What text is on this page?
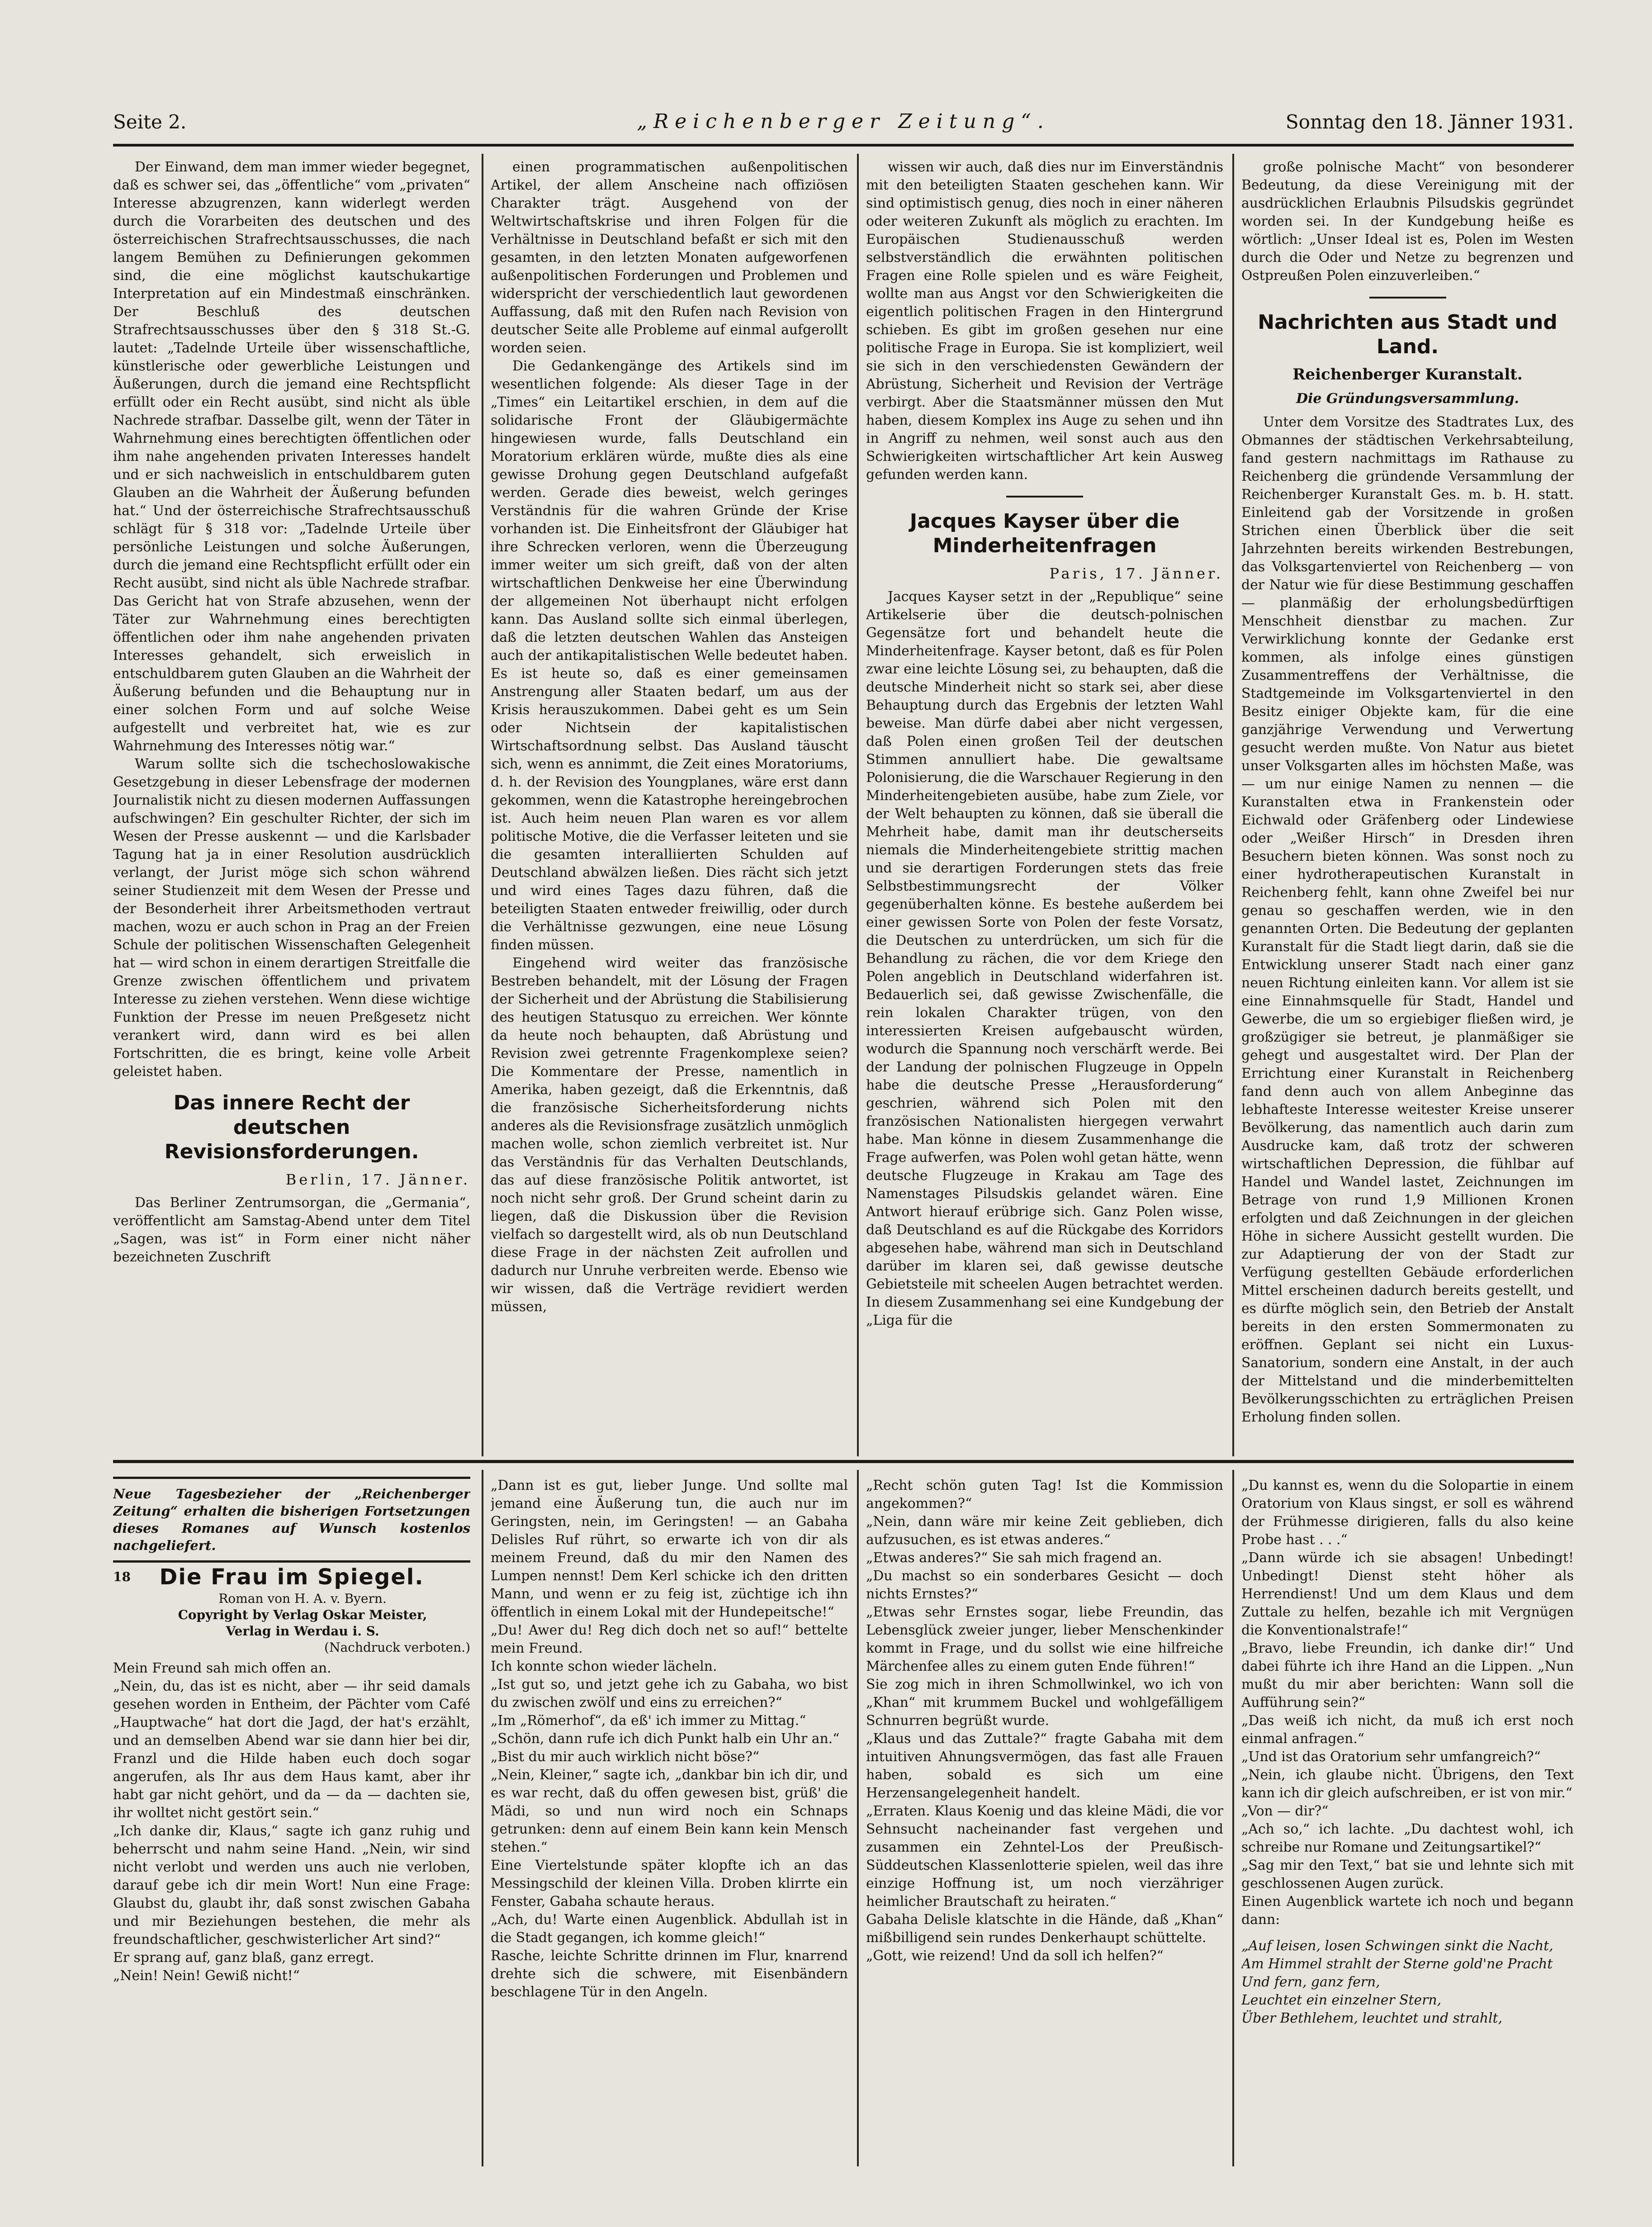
Seite 2.	„Reichenberger Zeitung“.	Sonntag den 18. Jänner 1931.

Der Einwand, dem man immer wieder begegnet, daß es schwer sei, das „öffentliche“ vom „privaten“ Interesse abzugrenzen, kann widerlegt werden durch die Vorarbeiten des deutschen und des österreichischen Strafrechtsausschusses, die nach langem Bemühen zu Definierungen gekommen sind, die eine möglichst kautschukartige Interpretation auf ein Mindestmaß einschränken. Der Beschluß des deutschen Strafrechtsausschusses über den § 318 St.-G. lautet: „Tadelnde Urteile über wissenschaftliche, künstlerische oder gewerbliche Leistungen und Äußerungen, durch die jemand eine Rechtspflicht erfüllt oder ein Recht ausübt, sind nicht als üble Nachrede strafbar. Dasselbe gilt, wenn der Täter in Wahrnehmung eines berechtigten öffentlichen oder ihm nahe angehenden privaten Interesses handelt und er sich nachweislich in entschuldbarem guten Glauben an die Wahrheit der Äußerung befunden hat.“ Und der österreichische Strafrechtsausschuß schlägt für § 318 vor: „Tadelnde Urteile über persönliche Leistungen und solche Äußerungen, durch die jemand eine Rechtspflicht erfüllt oder ein Recht ausübt, sind nicht als üble Nachrede strafbar. Das Gericht hat von Strafe abzusehen, wenn der Täter zur Wahrnehmung eines berechtigten öffentlichen oder ihm nahe angehenden privaten Interesses gehandelt, sich erweislich in entschuldbarem guten Glauben an die Wahrheit der Äußerung befunden und die Behauptung nur in einer solchen Form und auf solche Weise aufgestellt und verbreitet hat, wie es zur Wahrnehmung des Interesses nötig war.“

Warum sollte sich die tschechoslowakische Gesetzgebung in dieser Lebensfrage der modernen Journalistik nicht zu diesen modernen Auffassungen aufschwingen? Ein geschulter Richter, der sich im Wesen der Presse auskennt — und die Karlsbader Tagung hat ja in einer Resolution ausdrücklich verlangt, der Jurist möge sich schon während seiner Studienzeit mit dem Wesen der Presse und der Besonderheit ihrer Arbeitsmethoden vertraut machen, wozu er auch schon in Prag an der Freien Schule der politischen Wissenschaften Gelegenheit hat — wird schon in einem derartigen Streitfalle die Grenze zwischen öffentlichem und privatem Interesse zu ziehen verstehen. Wenn diese wichtige Funktion der Presse im neuen Preßgesetz nicht verankert wird, dann wird es bei allen Fortschritten, die es bringt, keine volle Arbeit geleistet haben.

Das innere Recht der deutschen Revisionsforderungen.
Berlin, 17. Jänner.

Das Berliner Zentrumsorgan, die „Germania“, veröffentlicht am Samstag-Abend unter dem Titel „Sagen, was ist“ in Form einer nicht näher bezeichneten Zuschrift

einen programmatischen außenpolitischen Artikel, der allem Anscheine nach offiziösen Charakter trägt. Ausgehend von der Weltwirtschaftskrise und ihren Folgen für die Verhältnisse in Deutschland befaßt er sich mit den gesamten, in den letzten Monaten aufgeworfenen außenpolitischen Forderungen und Problemen und widerspricht der verschiedentlich laut gewordenen Auffassung, daß mit den Rufen nach Revision von deutscher Seite alle Probleme auf einmal aufgerollt worden seien.

Die Gedankengänge des Artikels sind im wesentlichen folgende: Als dieser Tage in der „Times“ ein Leitartikel erschien, in dem auf die solidarische Front der Gläubigermächte hingewiesen wurde, falls Deutschland ein Moratorium erklären würde, mußte dies als eine gewisse Drohung gegen Deutschland aufgefaßt werden. Gerade dies beweist, welch geringes Verständnis für die wahren Gründe der Krise vorhanden ist. Die Einheitsfront der Gläubiger hat ihre Schrecken verloren, wenn die Überzeugung immer weiter um sich greift, daß von der alten wirtschaftlichen Denkweise her eine Überwindung der allgemeinen Not überhaupt nicht erfolgen kann. Das Ausland sollte sich einmal überlegen, daß die letzten deutschen Wahlen das Ansteigen auch der antikapitalistischen Welle bedeutet haben. Es ist heute so, daß es einer gemeinsamen Anstrengung aller Staaten bedarf, um aus der Krisis herauszukommen. Dabei geht es um Sein oder Nichtsein der kapitalistischen Wirtschaftsordnung selbst. Das Ausland täuscht sich, wenn es annimmt, die Zeit eines Moratoriums, d. h. der Revision des Youngplanes, wäre erst dann gekommen, wenn die Katastrophe hereingebrochen ist. Auch heim neuen Plan waren es vor allem politische Motive, die die Verfasser leiteten und sie die gesamten interalliierten Schulden auf Deutschland abwälzen ließen. Dies rächt sich jetzt und wird eines Tages dazu führen, daß die beteiligten Staaten entweder freiwillig, oder durch die Verhältnisse gezwungen, eine neue Lösung finden müssen.

Eingehend wird weiter das französische Bestreben behandelt, mit der Lösung der Fragen der Sicherheit und der Abrüstung die Stabilisierung des heutigen Statusquo zu erreichen. Wer könnte da heute noch behaupten, daß Abrüstung und Revision zwei getrennte Fragenkomplexe seien? Die Kommentare der Presse, namentlich in Amerika, haben gezeigt, daß die Erkenntnis, daß die französische Sicherheitsforderung nichts anderes als die Revisionsfrage zusätzlich unmöglich machen wolle, schon ziemlich verbreitet ist. Nur das Verständnis für das Verhalten Deutschlands, das auf diese französische Politik antwortet, ist noch nicht sehr groß. Der Grund scheint darin zu liegen, daß die Diskussion über die Revision vielfach so dargestellt wird, als ob nun Deutschland diese Frage in der nächsten Zeit aufrollen und dadurch nur Unruhe verbreiten werde. Ebenso wie wir wissen, daß die Verträge revidiert werden müssen,

wissen wir auch, daß dies nur im Einverständnis mit den beteiligten Staaten geschehen kann. Wir sind optimistisch genug, dies noch in einer näheren oder weiteren Zukunft als möglich zu erachten. Im Europäischen Studienausschuß werden selbstverständlich die erwähnten politischen Fragen eine Rolle spielen und es wäre Feigheit, wollte man aus Angst vor den Schwierigkeiten die eigentlich politischen Fragen in den Hintergrund schieben. Es gibt im großen gesehen nur eine politische Frage in Europa. Sie ist kompliziert, weil sie sich in den verschiedensten Gewändern der Abrüstung, Sicherheit und Revision der Verträge verbirgt. Aber die Staatsmänner müssen den Mut haben, diesem Komplex ins Auge zu sehen und ihn in Angriff zu nehmen, weil sonst auch aus den Schwierigkeiten wirtschaftlicher Art kein Ausweg gefunden werden kann.

Jacques Kayser über die Minderheitenfragen
Paris, 17. Jänner.

Jacques Kayser setzt in der „Republique“ seine Artikelserie über die deutsch-polnischen Gegensätze fort und behandelt heute die Minderheitenfrage. Kayser betont, daß es für Polen zwar eine leichte Lösung sei, zu behaupten, daß die deutsche Minderheit nicht so stark sei, aber diese Behauptung durch das Ergebnis der letzten Wahl beweise. Man dürfe dabei aber nicht vergessen, daß Polen einen großen Teil der deutschen Stimmen annulliert habe. Die gewaltsame Polonisierung, die die Warschauer Regierung in den Minderheitengebieten ausübe, habe zum Ziele, vor der Welt behaupten zu können, daß sie überall die Mehrheit habe, damit man ihr deutscherseits niemals die Minderheitengebiete strittig machen und sie derartigen Forderungen stets das freie Selbstbestimmungsrecht der Völker gegenüberhalten könne. Es bestehe außerdem bei einer gewissen Sorte von Polen der feste Vorsatz, die Deutschen zu unterdrücken, um sich für die Behandlung zu rächen, die vor dem Kriege den Polen angeblich in Deutschland widerfahren ist. Bedauerlich sei, daß gewisse Zwischenfälle, die rein lokalen Charakter trügen, von den interessierten Kreisen aufgebauscht würden, wodurch die Spannung noch verschärft werde. Bei der Landung der polnischen Flugzeuge in Oppeln habe die deutsche Presse „Herausforderung“ geschrien, während sich Polen mit den französischen Nationalisten hiergegen verwahrt habe. Man könne in diesem Zusammenhange die Frage aufwerfen, was Polen wohl getan hätte, wenn deutsche Flugzeuge in Krakau am Tage des Namenstages Pilsudskis gelandet wären. Eine Antwort hierauf erübrige sich. Ganz Polen wisse, daß Deutschland es auf die Rückgabe des Korridors abgesehen habe, während man sich in Deutschland darüber im klaren sei, daß gewisse deutsche Gebietsteile mit scheelen Augen betrachtet werden. In diesem Zusammenhang sei eine Kundgebung der „Liga für die

große polnische Macht“ von besonderer Bedeutung, da diese Vereinigung mit der ausdrücklichen Erlaubnis Pilsudskis gegründet worden sei. In der Kundgebung heiße es wörtlich: „Unser Ideal ist es, Polen im Westen durch die Oder und Netze zu begrenzen und Ostpreußen Polen einzuverleiben.“

Nachrichten aus Stadt und Land.
Reichenberger Kuranstalt.
Die Gründungsversammlung.

Unter dem Vorsitze des Stadtrates Lux, des Obmannes der städtischen Verkehrsabteilung, fand gestern nachmittags im Rathause zu Reichenberg die gründende Versammlung der Reichenberger Kuranstalt Ges. m. b. H. statt. Einleitend gab der Vorsitzende in großen Strichen einen Überblick über die seit Jahrzehnten bereits wirkenden Bestrebungen, das Volksgartenviertel von Reichenberg — von der Natur wie für diese Bestimmung geschaffen — planmäßig der erholungsbedürftigen Menschheit dienstbar zu machen. Zur Verwirklichung konnte der Gedanke erst kommen, als infolge eines günstigen Zusammentreffens der Verhältnisse, die Stadtgemeinde im Volksgartenviertel in den Besitz einiger Objekte kam, für die eine ganzjährige Verwendung und Verwertung gesucht werden mußte. Von Natur aus bietet unser Volksgarten alles im höchsten Maße, was — um nur einige Namen zu nennen — die Kuranstalten etwa in Frankenstein oder Eichwald oder Gräfenberg oder Lindewiese oder „Weißer Hirsch“ in Dresden ihren Besuchern bieten können. Was sonst noch zu einer hydrotherapeutischen Kuranstalt in Reichenberg fehlt, kann ohne Zweifel bei nur genau so geschaffen werden, wie in den genannten Orten. Die Bedeutung der geplanten Kuranstalt für die Stadt liegt darin, daß sie die Entwicklung unserer Stadt nach einer ganz neuen Richtung einleiten kann. Vor allem ist sie eine Einnahmsquelle für Stadt, Handel und Gewerbe, die um so ergiebiger fließen wird, je großzügiger sie betreut, je planmäßiger sie gehegt und ausgestaltet wird. Der Plan der Errichtung einer Kuranstalt in Reichenberg fand denn auch von allem Anbeginne das lebhafteste Interesse weitester Kreise unserer Bevölkerung, das namentlich auch darin zum Ausdrucke kam, daß trotz der schweren wirtschaftlichen Depression, die fühlbar auf Handel und Wandel lastet, Zeichnungen im Betrage von rund 1,9 Millionen Kronen erfolgten und daß Zeichnungen in der gleichen Höhe in sichere Aussicht gestellt wurden. Die zur Adaptierung der von der Stadt zur Verfügung gestellten Gebäude erforderlichen Mittel erscheinen dadurch bereits gestellt, und es dürfte möglich sein, den Betrieb der Anstalt bereits in den ersten Sommermonaten zu eröffnen. Geplant sei nicht ein Luxus-Sanatorium, sondern eine Anstalt, in der auch der Mittelstand und die minderbemittelten Bevölkerungsschichten zu erträglichen Preisen Erholung finden sollen.

Neue Tagesbezieher der „Reichenberger Zeitung“ erhalten die bisherigen Fortsetzungen dieses Romanes auf Wunsch kostenlos nachgeliefert.
18	Die Frau im Spiegel.

Roman von H. A. v. Byern.

Copyright by Verlag Oskar Meister,

Verlag in Werdau i. S.

(Nachdruck verboten.)

Mein Freund sah mich offen an.
„Nein, du, das ist es nicht, aber — ihr seid damals gesehen worden in Entheim, der Pächter vom Café „Hauptwache“ hat dort die Jagd, der hat's erzählt, und an demselben Abend war sie dann hier bei dir, Franzl und die Hilde haben euch doch sogar angerufen, als Ihr aus dem Haus kamt, aber ihr habt gar nicht gehört, und da — da — dachten sie, ihr wolltet nicht gestört sein.“
„Ich danke dir, Klaus,“ sagte ich ganz ruhig und beherrscht und nahm seine Hand. „Nein, wir sind nicht verlobt und werden uns auch nie verloben, darauf gebe ich dir mein Wort! Nun eine Frage: Glaubst du, glaubt ihr, daß sonst zwischen Gabaha und mir Beziehungen bestehen, die mehr als freundschaftlicher, geschwisterlicher Art sind?“
Er sprang auf, ganz blaß, ganz erregt.
„Nein! Nein! Gewiß nicht!“

„Dann ist es gut, lieber Junge. Und sollte mal jemand eine Äußerung tun, die auch nur im Geringsten, nein, im Geringsten! — an Gabaha Delisles Ruf rührt, so erwarte ich von dir als meinem Freund, daß du mir den Namen des Lumpen nennst! Dem Kerl schicke ich den dritten Mann, und wenn er zu feig ist, züchtige ich ihn öffentlich in einem Lokal mit der Hundepeitsche!“
„Du! Awer du! Reg dich doch net so auf!“ bettelte mein Freund.
Ich konnte schon wieder lächeln.
„Ist gut so, und jetzt gehe ich zu Gabaha, wo bist du zwischen zwölf und eins zu erreichen?“
„Im „Römerhof“, da eß' ich immer zu Mittag.“
„Schön, dann rufe ich dich Punkt halb ein Uhr an.“
„Bist du mir auch wirklich nicht böse?“
„Nein, Kleiner,“ sagte ich, „dankbar bin ich dir, und es war recht, daß du offen gewesen bist, grüß' die Mädi, so und nun wird noch ein Schnaps getrunken: denn auf einem Bein kann kein Mensch stehen.“
Eine Viertelstunde später klopfte ich an das Messingschild der kleinen Villa. Droben klirrte ein Fenster, Gabaha schaute heraus.
„Ach, du! Warte einen Augenblick. Abdullah ist in die Stadt gegangen, ich komme gleich!“
Rasche, leichte Schritte drinnen im Flur, knarrend drehte sich die schwere, mit Eisenbändern beschlagene Tür in den Angeln.

„Recht schön guten Tag! Ist die Kommission angekommen?“
„Nein, dann wäre mir keine Zeit geblieben, dich aufzusuchen, es ist etwas anderes.“
„Etwas anderes?“ Sie sah mich fragend an.
„Du machst so ein sonderbares Gesicht — doch nichts Ernstes?“
„Etwas sehr Ernstes sogar, liebe Freundin, das Lebensglück zweier junger, lieber Menschenkinder kommt in Frage, und du sollst wie eine hilfreiche Märchenfee alles zu einem guten Ende führen!“
Sie zog mich in ihren Schmollwinkel, wo ich von „Khan“ mit krummem Buckel und wohlgefälligem Schnurren begrüßt wurde.
„Klaus und das Zuttale?“ fragte Gabaha mit dem intuitiven Ahnungsvermögen, das fast alle Frauen haben, sobald es sich um eine Herzensangelegenheit handelt.
„Erraten. Klaus Koenig und das kleine Mädi, die vor Sehnsucht nacheinander fast vergehen und zusammen ein Zehntel-Los der Preußisch-Süddeutschen Klassenlotterie spielen, weil das ihre einzige Hoffnung ist, um noch vierzähriger heimlicher Brautschaft zu heiraten.“
Gabaha Delisle klatschte in die Hände, daß „Khan“ mißbilligend sein rundes Denkerhaupt schüttelte.
„Gott, wie reizend! Und da soll ich helfen?“

„Du kannst es, wenn du die Solopartie in einem Oratorium von Klaus singst, er soll es während der Frühmesse dirigieren, falls du also keine Probe hast . . .“
„Dann würde ich sie absagen! Unbedingt! Unbedingt! Dienst steht höher als Herrendienst! Und um dem Klaus und dem Zuttale zu helfen, bezahle ich mit Vergnügen die Konventionalstrafe!“
„Bravo, liebe Freundin, ich danke dir!“ Und dabei führte ich ihre Hand an die Lippen. „Nun mußt du mir aber berichten: Wann soll die Aufführung sein?“
„Das weiß ich nicht, da muß ich erst noch einmal anfragen.“
„Und ist das Oratorium sehr umfangreich?“
„Nein, ich glaube nicht. Übrigens, den Text kann ich dir gleich aufschreiben, er ist von mir.“
„Von — dir?“
„Ach so,“ ich lachte. „Du dachtest wohl, ich schreibe nur Romane und Zeitungsartikel?“
„Sag mir den Text,“ bat sie und lehnte sich mit geschlossenen Augen zurück.
Einen Augenblick wartete ich noch und begann dann:

„Auf leisen, losen Schwingen sinkt die Nacht,
Am Himmel strahlt der Sterne gold'ne Pracht
Und fern, ganz fern,
Leuchtet ein einzelner Stern,
Über Bethlehem, leuchtet und strahlt,
